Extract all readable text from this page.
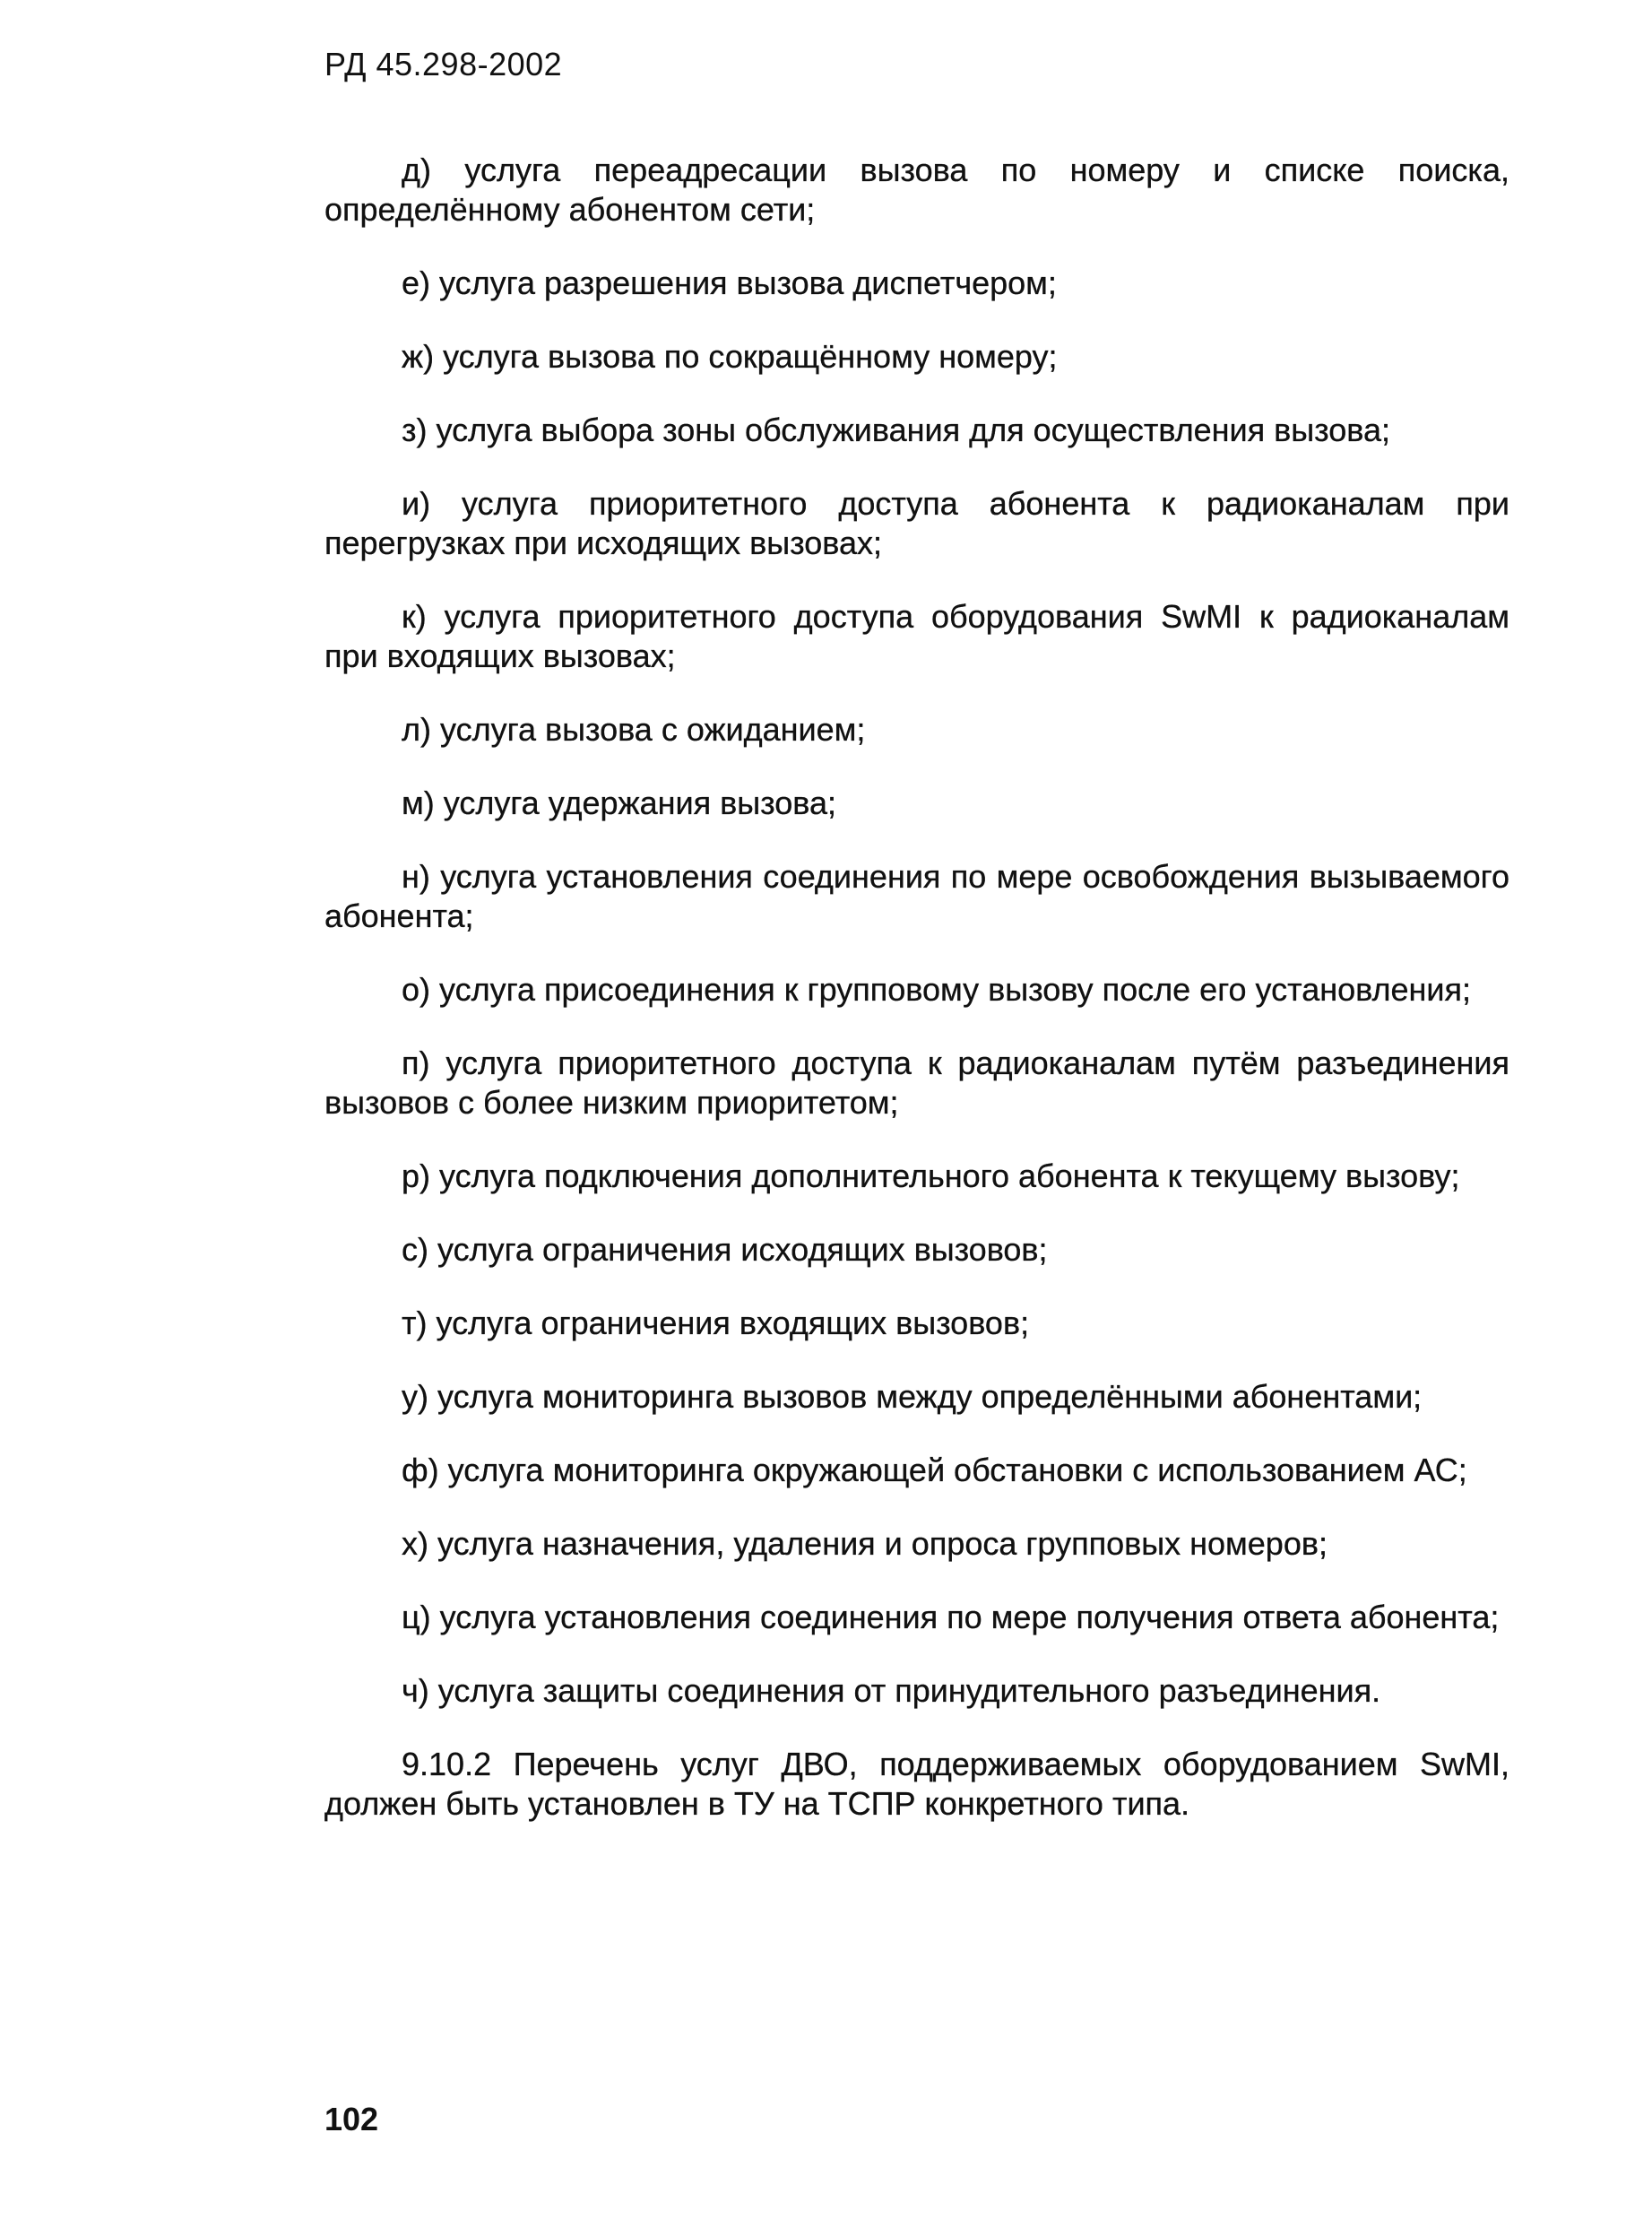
РД 45.298-2002

д) услуга переадресации вызова по номеру и списке поиска, определённому абонентом сети;

е) услуга разрешения вызова диспетчером;

ж) услуга вызова по сокращённому номеру;

з) услуга выбора зоны обслуживания для осуществления вызова;

и) услуга приоритетного доступа абонента к радиоканалам при перегрузках при исходящих вызовах;

к) услуга приоритетного доступа оборудования SwMI к радиоканалам при входящих вызовах;

л) услуга вызова с ожиданием;

м) услуга удержания вызова;

н) услуга установления соединения по мере освобождения вызываемого абонента;

о) услуга присоединения к групповому вызову после его установления;

п) услуга приоритетного доступа к радиоканалам путём разъединения вызовов с более низким приоритетом;

р) услуга подключения дополнительного абонента к текущему вызову;

с) услуга ограничения исходящих вызовов;

т) услуга ограничения входящих вызовов;

у) услуга мониторинга вызовов между определёнными абонентами;

ф) услуга мониторинга окружающей обстановки с использованием АС;

х) услуга назначения, удаления и опроса групповых номеров;

ц) услуга установления соединения по мере получения ответа абонента;

ч) услуга защиты соединения от принудительного разъединения.

9.10.2 Перечень услуг ДВО, поддерживаемых оборудованием SwMI, должен быть установлен в ТУ на ТСПР конкретного типа.

102
